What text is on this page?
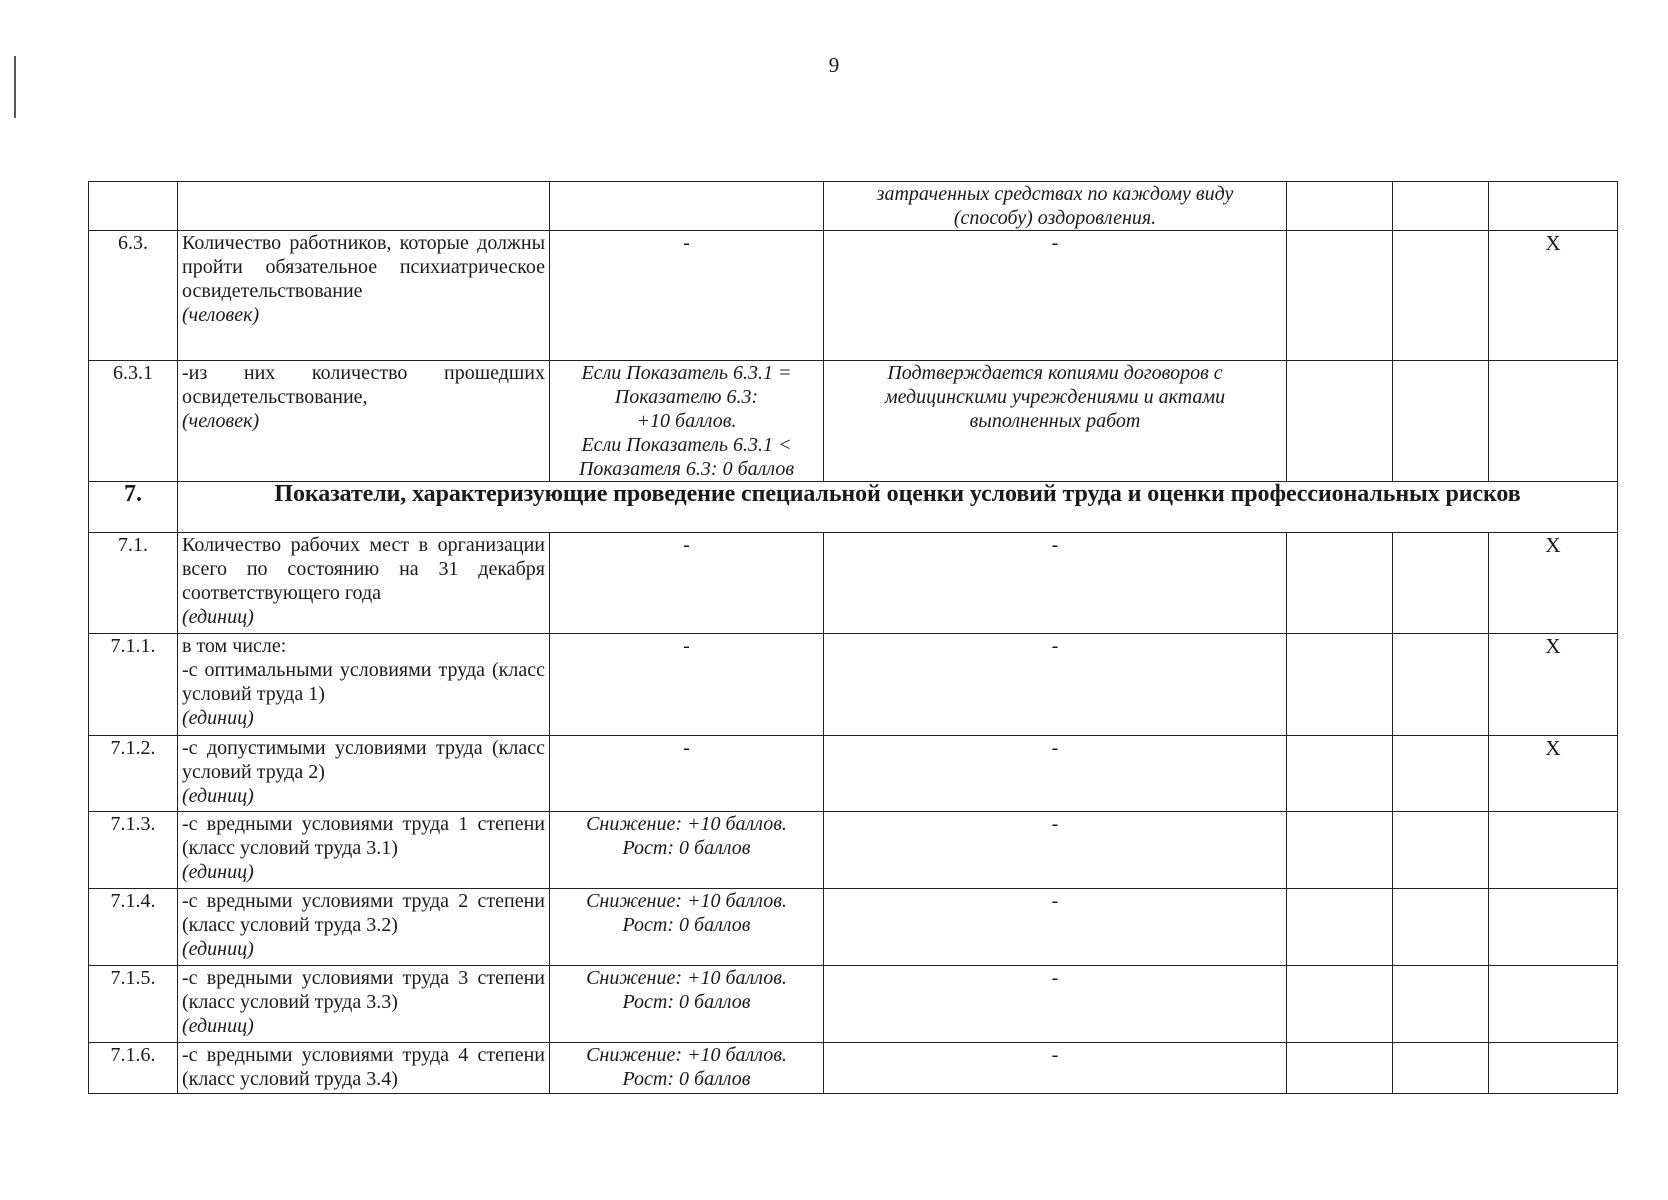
9

			затраченных средствах по каждому виду
(способу) оздоровления.			

6.3.	Количество работников, которые должны пройти обязательное психиатрическое освидетельствование
(человек)	-	-			Х
6.3.1	-из них количество прошедших освидетельствование,
(человек)	Если Показатель 6.3.1 =
Показателю 6.3:
+10 баллов.
Если Показатель 6.3.1 <
Показателя 6.3: 0 баллов	Подтверждается копиями договоров с
медицинскими учреждениями и актами
выполненных работ			

7.	Показатели, характеризующие проведение специальной оценки условий труда и оценки профессиональных рисков					
7.1.	Количество рабочих мест в организации всего по состоянию на 31 декабря соответствующего года
(единиц)	-	-			Х
7.1.1.	в том числе:
-с оптимальными условиями труда (класс условий труда 1)
(единиц)	-	-			Х
7.1.2.	-с допустимыми условиями труда (класс условий труда 2)
(единиц)	-	-			Х
7.1.3.	-с вредными условиями труда 1 степени (класс условий труда 3.1)
(единиц)	Снижение: +10 баллов.
Рост: 0 баллов	-			
7.1.4.	-с вредными условиями труда 2 степени (класс условий труда 3.2)
(единиц)	Снижение: +10 баллов.
Рост: 0 баллов	-			
7.1.5.	-с вредными условиями труда 3 степени (класс условий труда 3.3)
(единиц)	Снижение: +10 баллов.
Рост: 0 баллов	-			
7.1.6.	-с вредными условиями труда 4 степени (класс условий труда 3.4)	Снижение: +10 баллов.
Рост: 0 баллов	-			
